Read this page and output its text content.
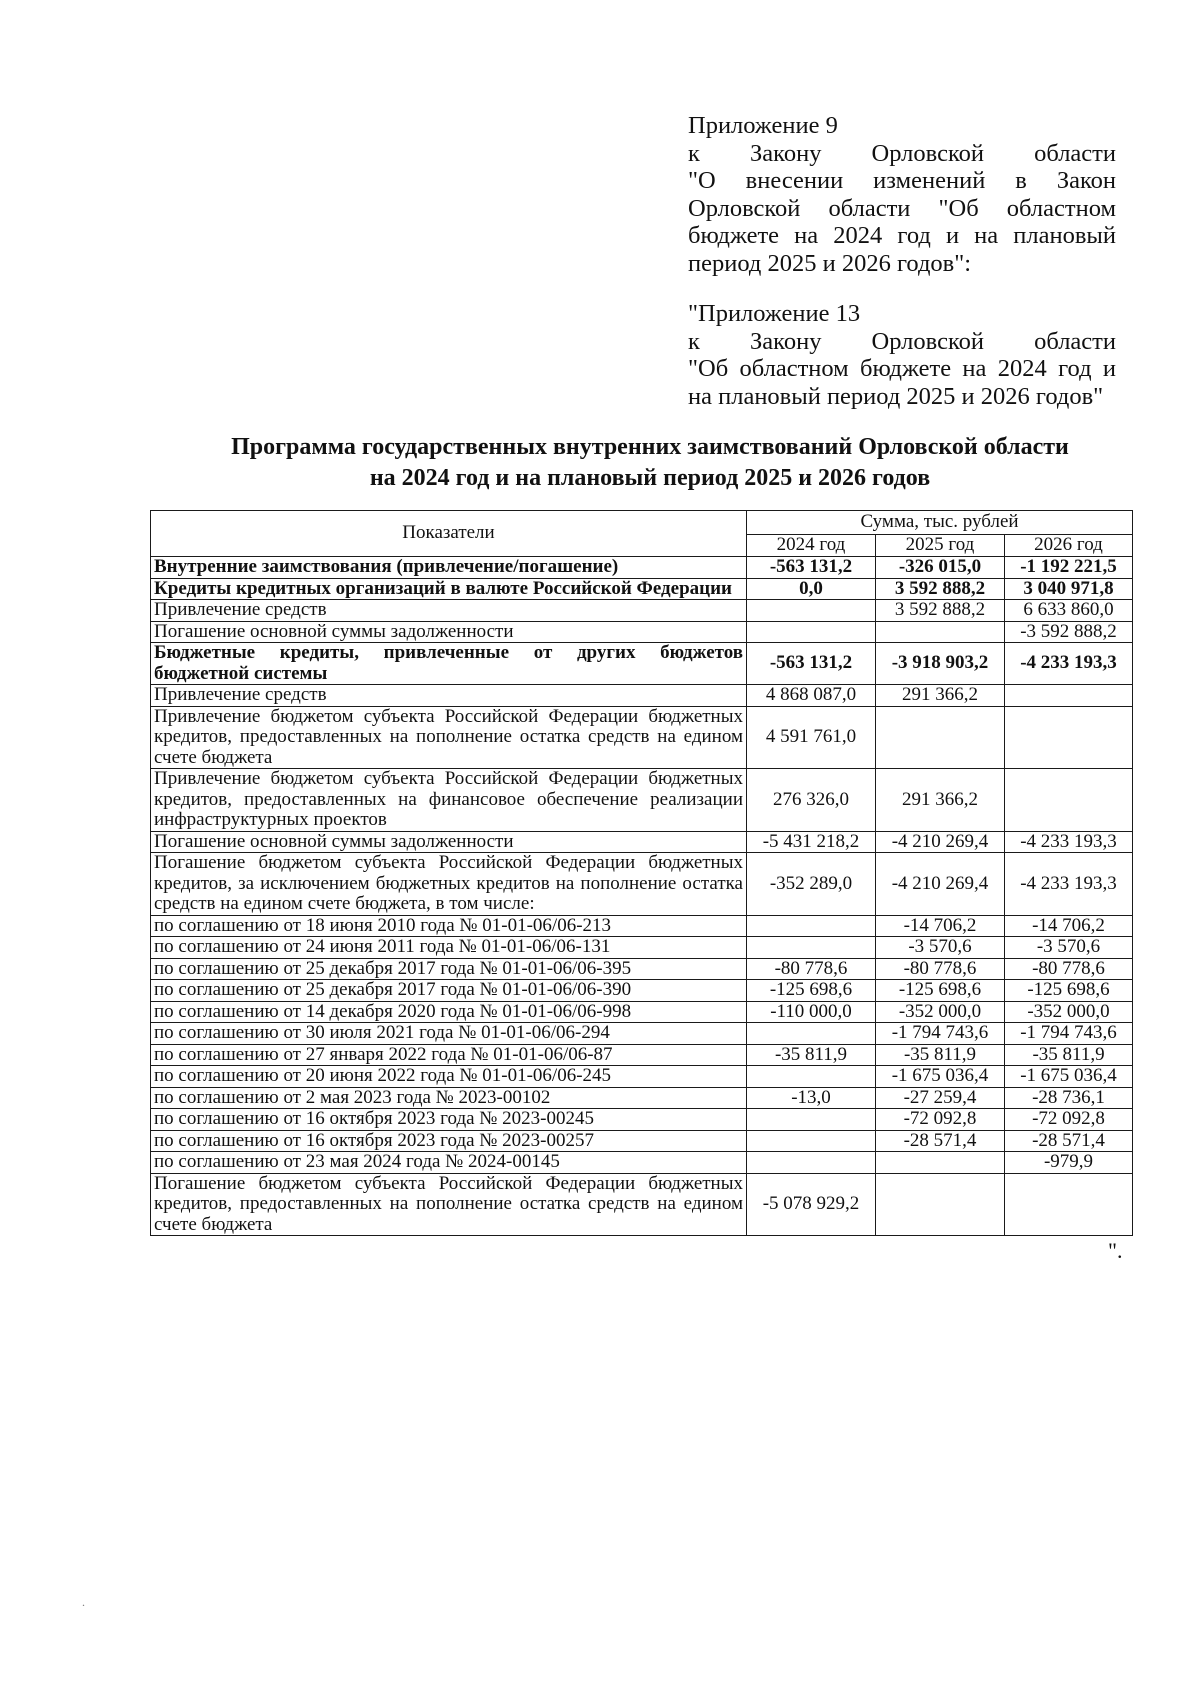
Приложение 9
к Закону Орловской области
"О внесении изменений в Закон
Орловской области "Об областном
бюджете на 2024 год и на плановый
период 2025 и 2026 годов":
"Приложение 13
к Закону Орловской области
"Об областном бюджете на 2024 год и
на плановый период 2025 и 2026 годов"
Программа государственных внутренних заимствований Орловской области
на 2024 год и на плановый период 2025 и 2026 годов
Показатели	Сумма, тыс. рублей		
	2024 год	2025 год	2026 год
Внутренние заимствования (привлечение/погашение)	-563 131,2	-326 015,0	-1 192 221,5
Кредиты кредитных организаций в валюте Российской Федерации	0,0	3 592 888,2	3 040 971,8
Привлечение средств		3 592 888,2	6 633 860,0
Погашение основной суммы задолженности			-3 592 888,2
Бюджетные кредиты, привлеченные от других бюджетов бюджетной системы	-563 131,2	-3 918 903,2	-4 233 193,3
Привлечение средств	4 868 087,0	291 366,2	
Привлечение бюджетом субъекта Российской Федерации бюджетных кредитов, предоставленных на пополнение остатка средств на едином счете бюджета	4 591 761,0		
Привлечение бюджетом субъекта Российской Федерации бюджетных кредитов, предоставленных на финансовое обеспечение реализации инфраструктурных проектов	276 326,0	291 366,2	
Погашение основной суммы задолженности	-5 431 218,2	-4 210 269,4	-4 233 193,3
Погашение бюджетом субъекта Российской Федерации бюджетных кредитов, за исключением бюджетных кредитов на пополнение остатка средств на едином счете бюджета, в том числе:	-352 289,0	-4 210 269,4	-4 233 193,3
по соглашению от 18 июня 2010 года № 01-01-06/06-213		-14 706,2	-14 706,2
по соглашению от 24 июня 2011 года № 01-01-06/06-131		-3 570,6	-3 570,6
по соглашению от 25 декабря 2017 года № 01-01-06/06-395	-80 778,6	-80 778,6	-80 778,6
по соглашению от 25 декабря 2017 года № 01-01-06/06-390	-125 698,6	-125 698,6	-125 698,6
по соглашению от 14 декабря 2020 года № 01-01-06/06-998	-110 000,0	-352 000,0	-352 000,0
по соглашению от 30 июля 2021 года № 01-01-06/06-294		-1 794 743,6	-1 794 743,6
по соглашению от 27 января 2022 года № 01-01-06/06-87	-35 811,9	-35 811,9	-35 811,9
по соглашению от 20 июня 2022 года № 01-01-06/06-245		-1 675 036,4	-1 675 036,4
по соглашению от 2 мая 2023 года № 2023-00102	-13,0	-27 259,4	-28 736,1
по соглашению от 16 октября 2023 года № 2023-00245		-72 092,8	-72 092,8
по соглашению от 16 октября 2023 года № 2023-00257		-28 571,4	-28 571,4
по соглашению от 23 мая 2024 года № 2024-00145			-979,9
Погашение бюджетом субъекта Российской Федерации бюджетных кредитов, предоставленных на пополнение остатка средств на едином счете бюджета	-5 078 929,2		
".
.
